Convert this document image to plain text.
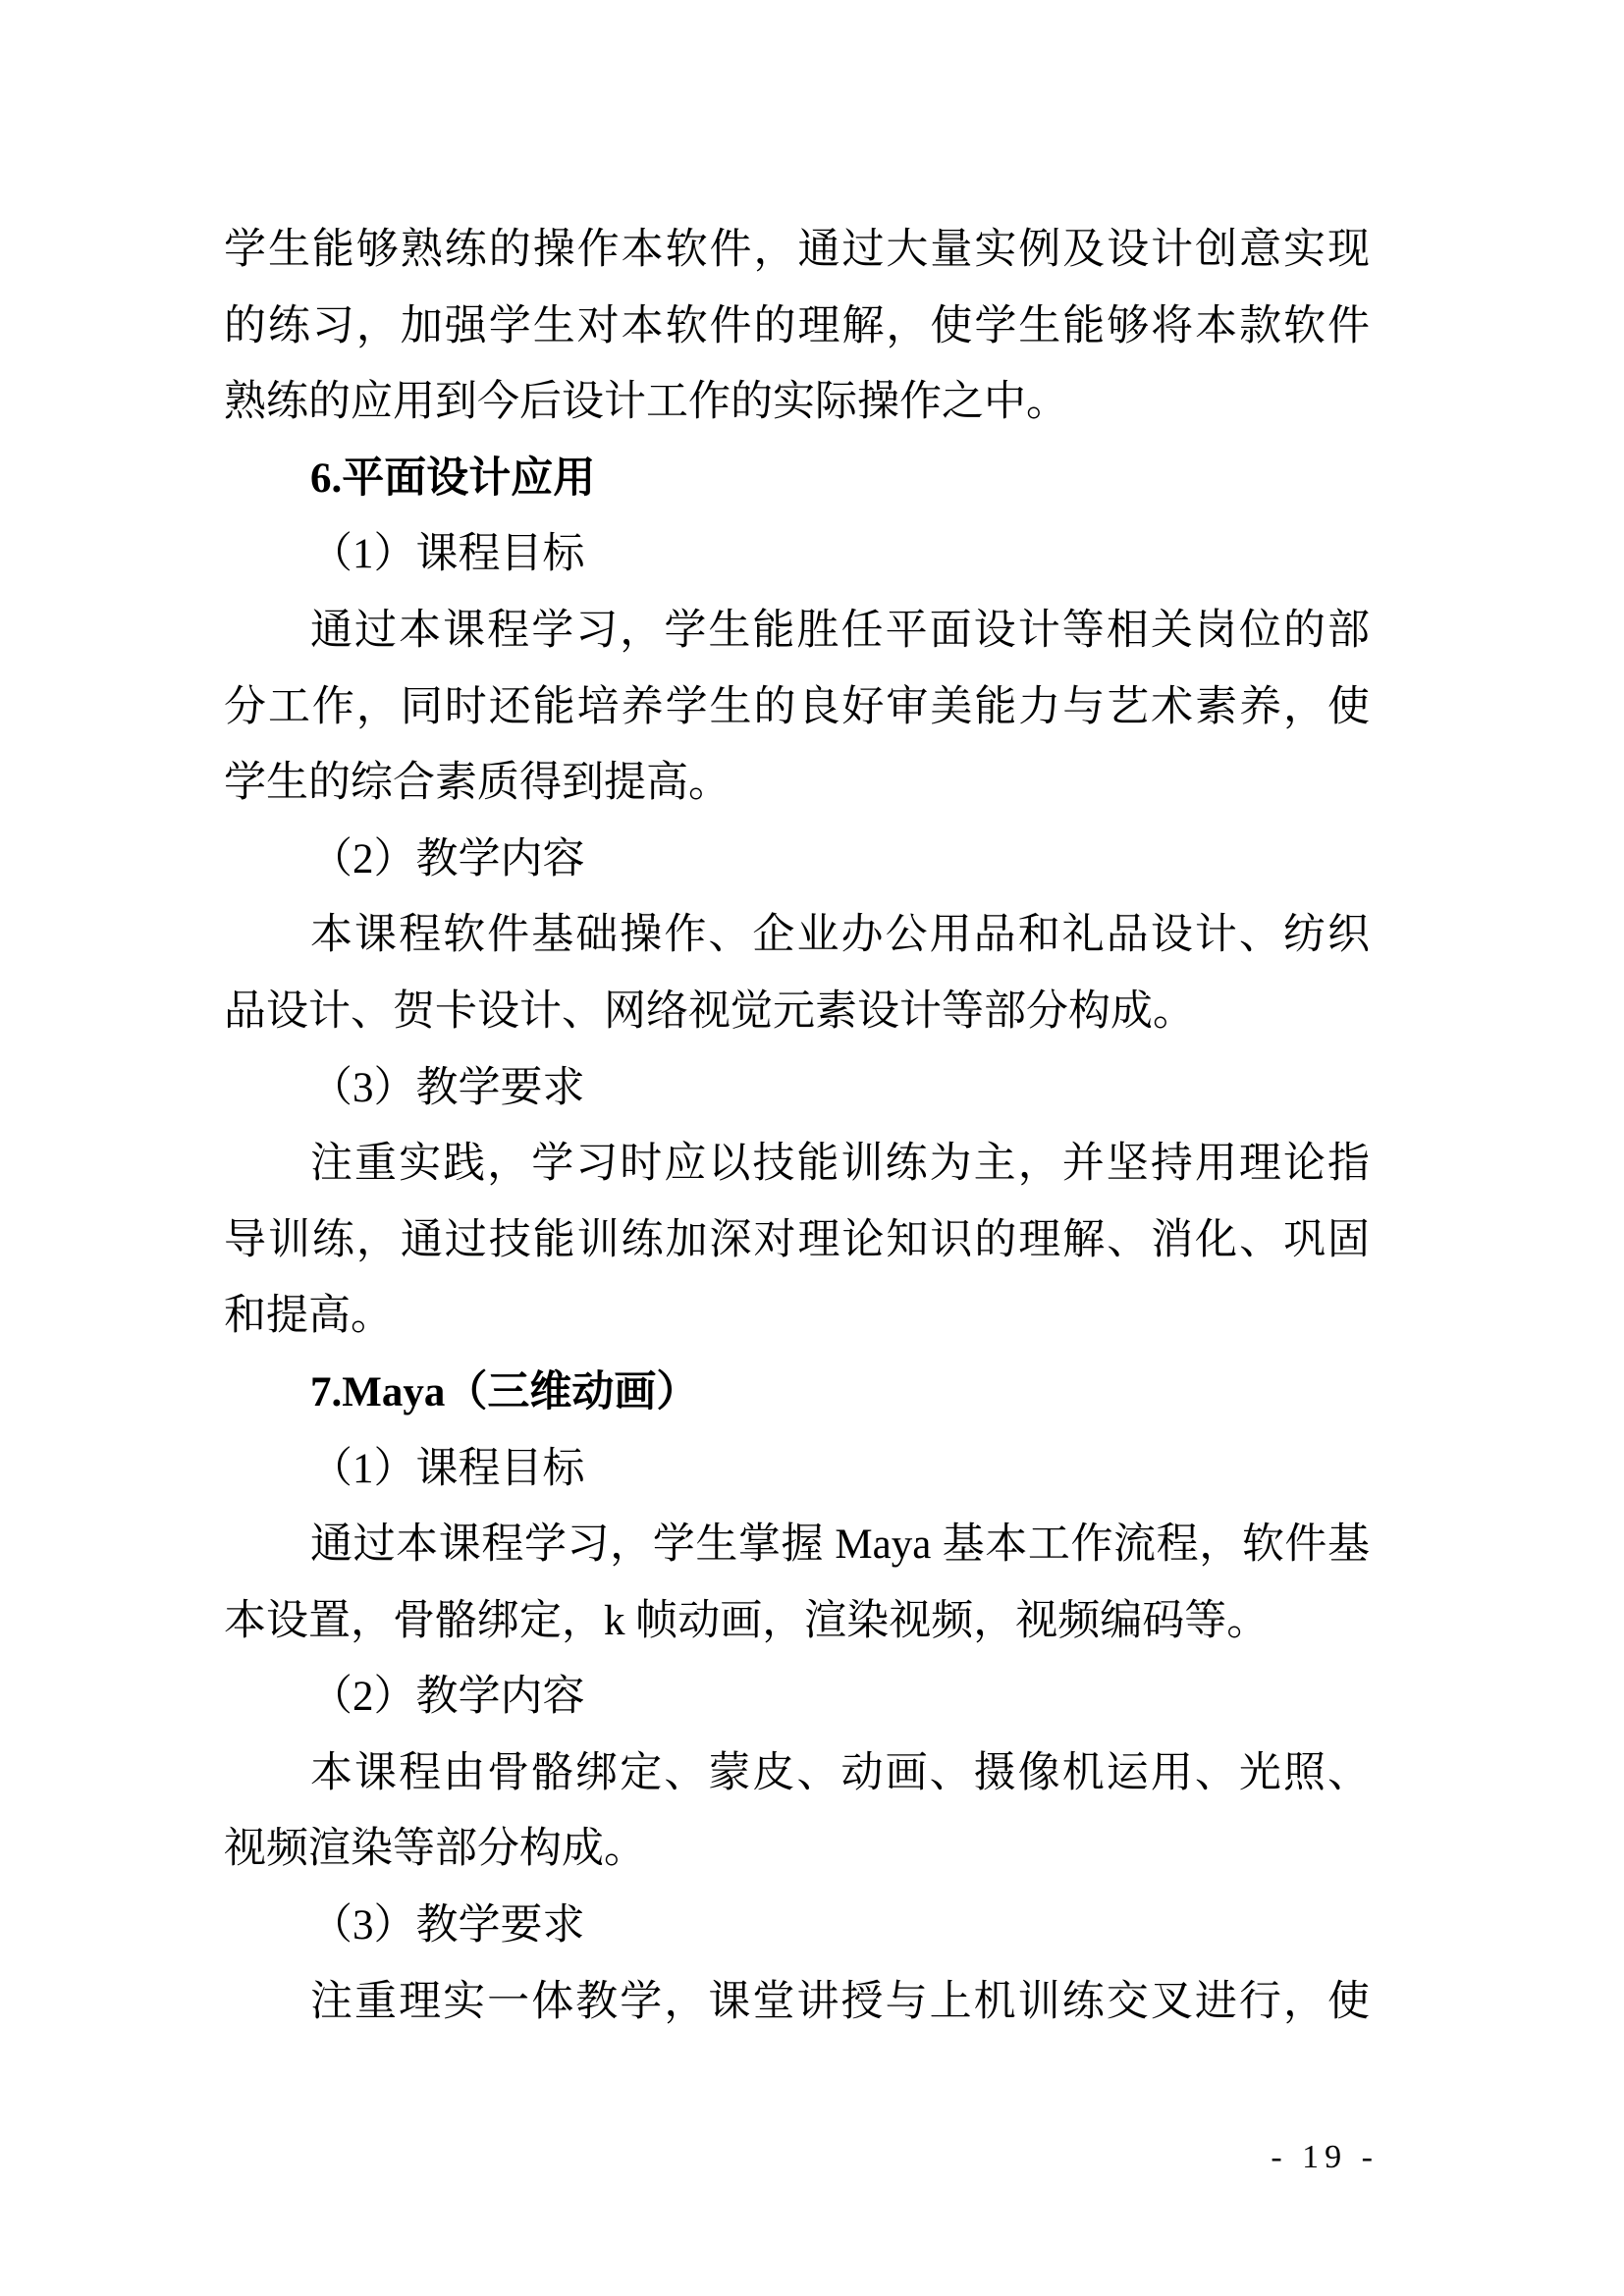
学生能够熟练的操作本软件，通过大量实例及设计创意实现
的练习，加强学生对本软件的理解，使学生能够将本款软件
熟练的应用到今后设计工作的实际操作之中。
6.平面设计应用
（1）课程目标
通过本课程学习，学生能胜任平面设计等相关岗位的部
分工作，同时还能培养学生的良好审美能力与艺术素养，使
学生的综合素质得到提高。
（2）教学内容
本课程软件基础操作、企业办公用品和礼品设计、纺织
品设计、贺卡设计、网络视觉元素设计等部分构成。
（3）教学要求
注重实践，学习时应以技能训练为主，并坚持用理论指
导训练，通过技能训练加深对理论知识的理解、消化、巩固
和提高。
7.Maya（三维动画）
（1）课程目标
通过本课程学习，学生掌握 Maya 基本工作流程，软件基
本设置，骨骼绑定，k 帧动画，渲染视频，视频编码等。
（2）教学内容
本课程由骨骼绑定、蒙皮、动画、摄像机运用、光照、
视频渲染等部分构成。
（3）教学要求
注重理实一体教学，课堂讲授与上机训练交叉进行，使
- 19 -
